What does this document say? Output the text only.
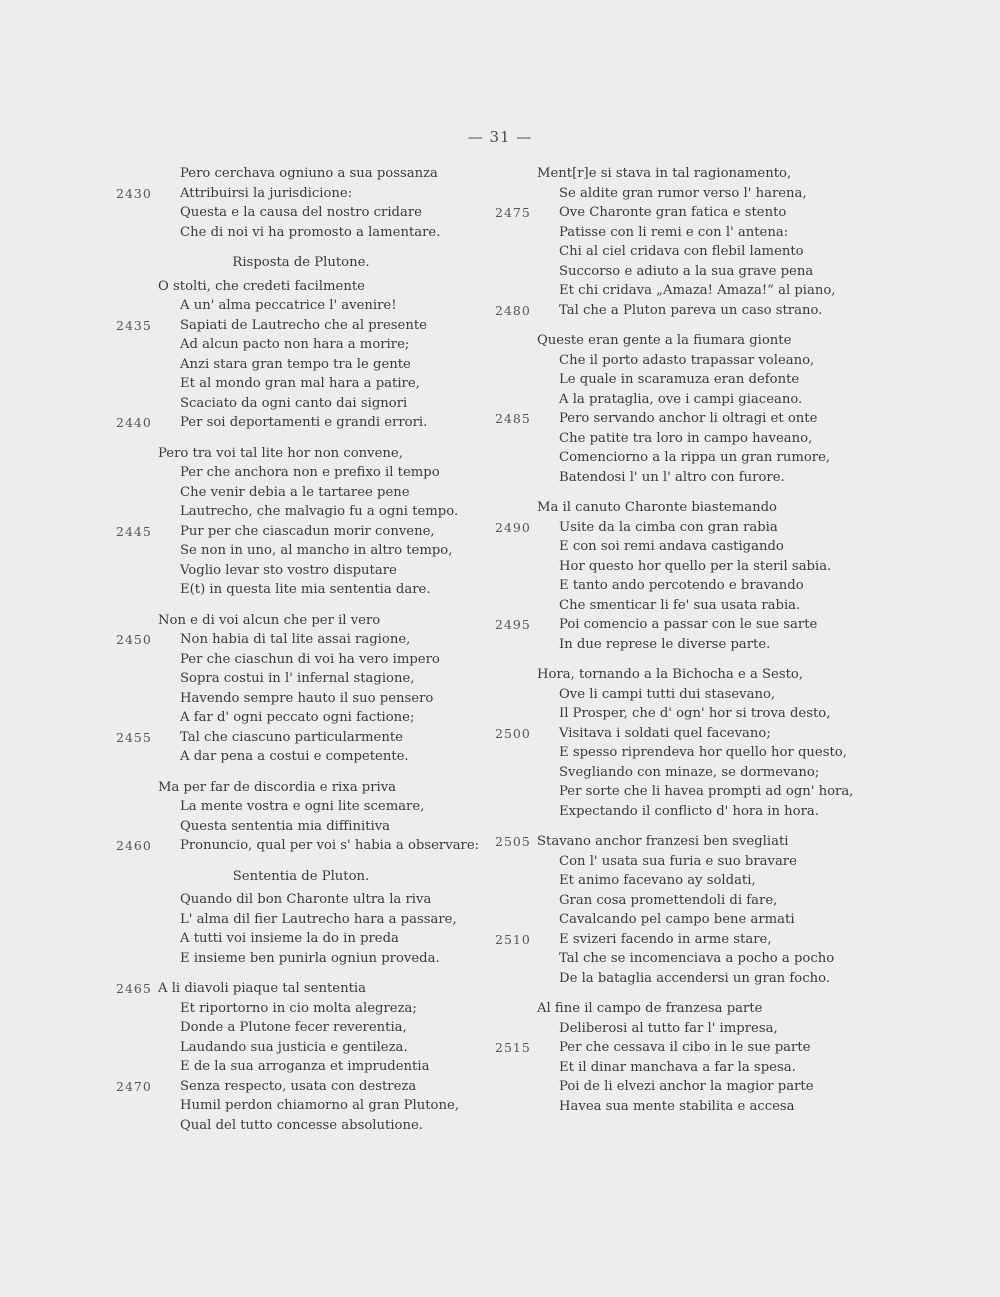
— 31 —
Pero cerchava ogniuno a sua possanza
2430	Attribuirsi la jurisdicione:
Questa e la causa del nostro cridare
Che di noi vi ha promosto a lamentare.
Risposta de Plutone.
O stolti, che credeti facilmente
A un' alma peccatrice l' avenire!
2435	Sapiati de Lautrecho che al presente
Ad alcun pacto non hara a morire;
Anzi stara gran tempo tra le gente
Et al mondo gran mal hara a patire,
Scaciato da ogni canto dai signori
2440	Per soi deportamenti e grandi errori.
Pero tra voi tal lite hor non convene,
Per che anchora non e prefixo il tempo
Che venir debia a le tartaree pene
Lautrecho, che malvagio fu a ogni tempo.
2445	Pur per che ciascadun morir convene,
Se non in uno, al mancho in altro tempo,
Voglio levar sto vostro disputare
E(t) in questa lite mia sententia dare.
Non e di voi alcun che per il vero
2450	Non habia di tal lite assai ragione,
Per che ciaschun di voi ha vero impero
Sopra costui in l' infernal stagione,
Havendo sempre hauto il suo pensero
A far d' ogni peccato ogni factione;
2455	Tal che ciascuno particularmente
A dar pena a costui e competente.
Ma per far de discordia e rixa priva
La mente vostra e ogni lite scemare,
Questa sententia mia diffinitiva
2460	Pronuncio, qual per voi s' habia a observare:
Sententia de Pluton.
Quando dil bon Charonte ultra la riva
L' alma dil fier Lautrecho hara a passare,
A tutti voi insieme la do in preda
E insieme ben punirla ogniun proveda.
2465 A li diavoli piaque tal sententia
Et riportorno in cio molta alegreza;
Donde a Plutone fecer reverentia,
Laudando sua justicia e gentileza.
E de la sua arroganza et imprudentia
2470	Senza respecto, usata con destreza
Humil perdon chiamorno al gran Plutone,
Qual del tutto concesse absolutione.
Ment[r]e si stava in tal ragionamento,
Se aldite gran rumor verso l' harena,
2475	Ove Charonte gran fatica e stento
Patisse con li remi e con l' antena:
Chi al ciel cridava con flebil lamento
Succorso e adiuto a la sua grave pena
Et chi cridava „Amaza! Amaza!“ al piano,
2480	Tal che a Pluton pareva un caso strano.
Queste eran gente a la fiumara gionte
Che il porto adasto trapassar voleano,
Le quale in scaramuza eran defonte
A la prataglia, ove i campi giaceano.
2485	Pero servando anchor li oltragi et onte
Che patite tra loro in campo haveano,
Comenciorno a la rippa un gran rumore,
Batendosi l' un l' altro con furore.
Ma il canuto Charonte biastemando
2490	Usite da la cimba con gran rabia
E con soi remi andava castigando
Hor questo hor quello per la steril sabia.
E tanto ando percotendo e bravando
Che smenticar li fe' sua usata rabia.
2495	Poi comencio a passar con le sue sarte
In due represe le diverse parte.
Hora, tornando a la Bichocha e a Sesto,
Ove li campi tutti dui stasevano,
Il Prosper, che d' ogn' hor si trova desto,
2500	Visitava i soldati quel facevano;
E spesso riprendeva hor quello hor questo,
Svegliando con minaze, se dormevano;
Per sorte che li havea prompti ad ogn' hora,
Expectando il conflicto d' hora in hora.
2505 Stavano anchor franzesi ben svegliati
Con l' usata sua furia e suo bravare
Et animo facevano ay soldati,
Gran cosa promettendoli di fare,
Cavalcando pel campo bene armati
2510	E svizeri facendo in arme stare,
Tal che se incomenciava a pocho a pocho
De la bataglia accendersi un gran focho.
Al fine il campo de franzesa parte
Deliberosi al tutto far l' impresa,
2515	Per che cessava il cibo in le sue parte
Et il dinar manchava a far la spesa.
Poi de li elvezi anchor la magior parte
Havea sua mente stabilita e accesa
